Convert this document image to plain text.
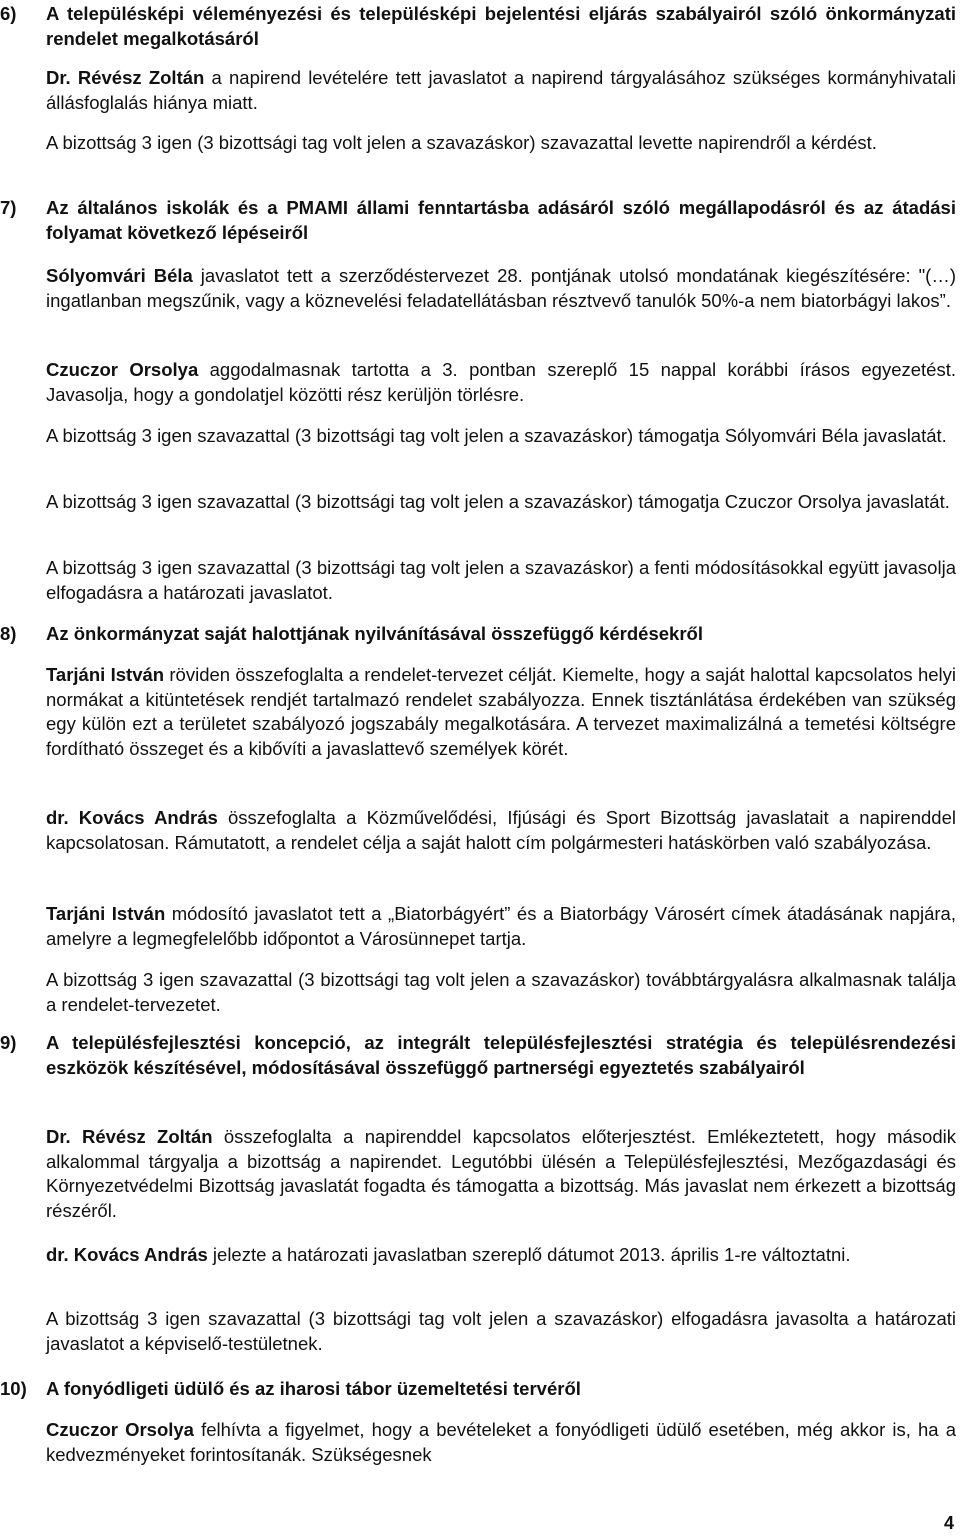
6) A településképi véleményezési és településképi bejelentési eljárás szabályairól szóló önkormányzati rendelet megalkotásáról
Dr. Révész Zoltán a napirend levételére tett javaslatot a napirend tárgyalásához szükséges kormányhivatali állásfoglalás hiánya miatt.
A bizottság 3 igen (3 bizottsági tag volt jelen a szavazáskor) szavazattal levette napirendről a kérdést.
7) Az általános iskolák és a PMAMI állami fenntartásba adásáról szóló megállapodásról és az átadási folyamat következő lépéseiről
Sólyomvári Béla javaslatot tett a szerződéstervezet 28. pontjának utolsó mondatának kiegészítésére: "(…) ingatlanban megszűnik, vagy a köznevelési feladatellátásban résztvevő tanulók 50%-a nem biatorbágyi lakos”.
Czuczor Orsolya aggodalmasnak tartotta a 3. pontban szereplő 15 nappal korábbi írásos egyezetést. Javasolja, hogy a gondolatjel közötti rész kerüljön törlésre.
A bizottság 3 igen szavazattal (3 bizottsági tag volt jelen a szavazáskor) támogatja Sólyomvári Béla javaslatát.
A bizottság 3 igen szavazattal (3 bizottsági tag volt jelen a szavazáskor) támogatja Czuczor Orsolya javaslatát.
A bizottság 3 igen szavazattal (3 bizottsági tag volt jelen a szavazáskor) a fenti módosításokkal együtt javasolja elfogadásra a határozati javaslatot.
8) Az önkormányzat saját halottjának nyilvánításával összefüggő kérdésekről
Tarjáni István röviden összefoglalta a rendelet-tervezet célját. Kiemelte, hogy a saját halottal kapcsolatos helyi normákat a kitüntetések rendjét tartalmazó rendelet szabályozza. Ennek tisztánlátása érdekében van szükség egy külön ezt a területet szabályozó jogszabály megalkotására. A tervezet maximalizálná a temetési költségre fordítható összeget és a kibővíti a javaslattevő személyek körét.
dr. Kovács András összefoglalta a Közművelődési, Ifjúsági és Sport Bizottság javaslatait a napirenddel kapcsolatosan. Rámutatott, a rendelet célja a saját halott cím polgármesteri hatáskörben való szabályozása.
Tarjáni István módosító javaslatot tett a „Biatorbágyért” és a Biatorbágy Városért címek átadásának napjára, amelyre a legmegfelelőbb időpontot a Városünnepet tartja.
A bizottság 3 igen szavazattal (3 bizottsági tag volt jelen a szavazáskor) továbbtárgyalásra alkalmasnak találja a rendelet-tervezetet.
9) A településfejlesztési koncepció, az integrált településfejlesztési stratégia és településrendezési eszközök készítésével, módosításával összefüggő partnerségi egyeztetés szabályairól
Dr. Révész Zoltán összefoglalta a napirenddel kapcsolatos előterjesztést. Emlékeztetett, hogy második alkalommal tárgyalja a bizottság a napirendet. Legutóbbi ülésén a Településfejlesztési, Mezőgazdasági és Környezetvédelmi Bizottság javaslatát fogadta és támogatta a bizottság. Más javaslat nem érkezett a bizottság részéről.
dr. Kovács András jelezte a határozati javaslatban szereplő dátumot 2013. április 1-re változtatni.
A bizottság 3 igen szavazattal (3 bizottsági tag volt jelen a szavazáskor) elfogadásra javasolta a határozati javaslatot a képviselő-testületnek.
10) A fonyódligeti üdülő és az iharosi tábor üzemeltetési tervéről
Czuczor Orsolya felhívta a figyelmet, hogy a bevételeket a fonyódligeti üdülő esetében, még akkor is, ha a kedvezményeket forintosítanák. Szükségesnek
4
